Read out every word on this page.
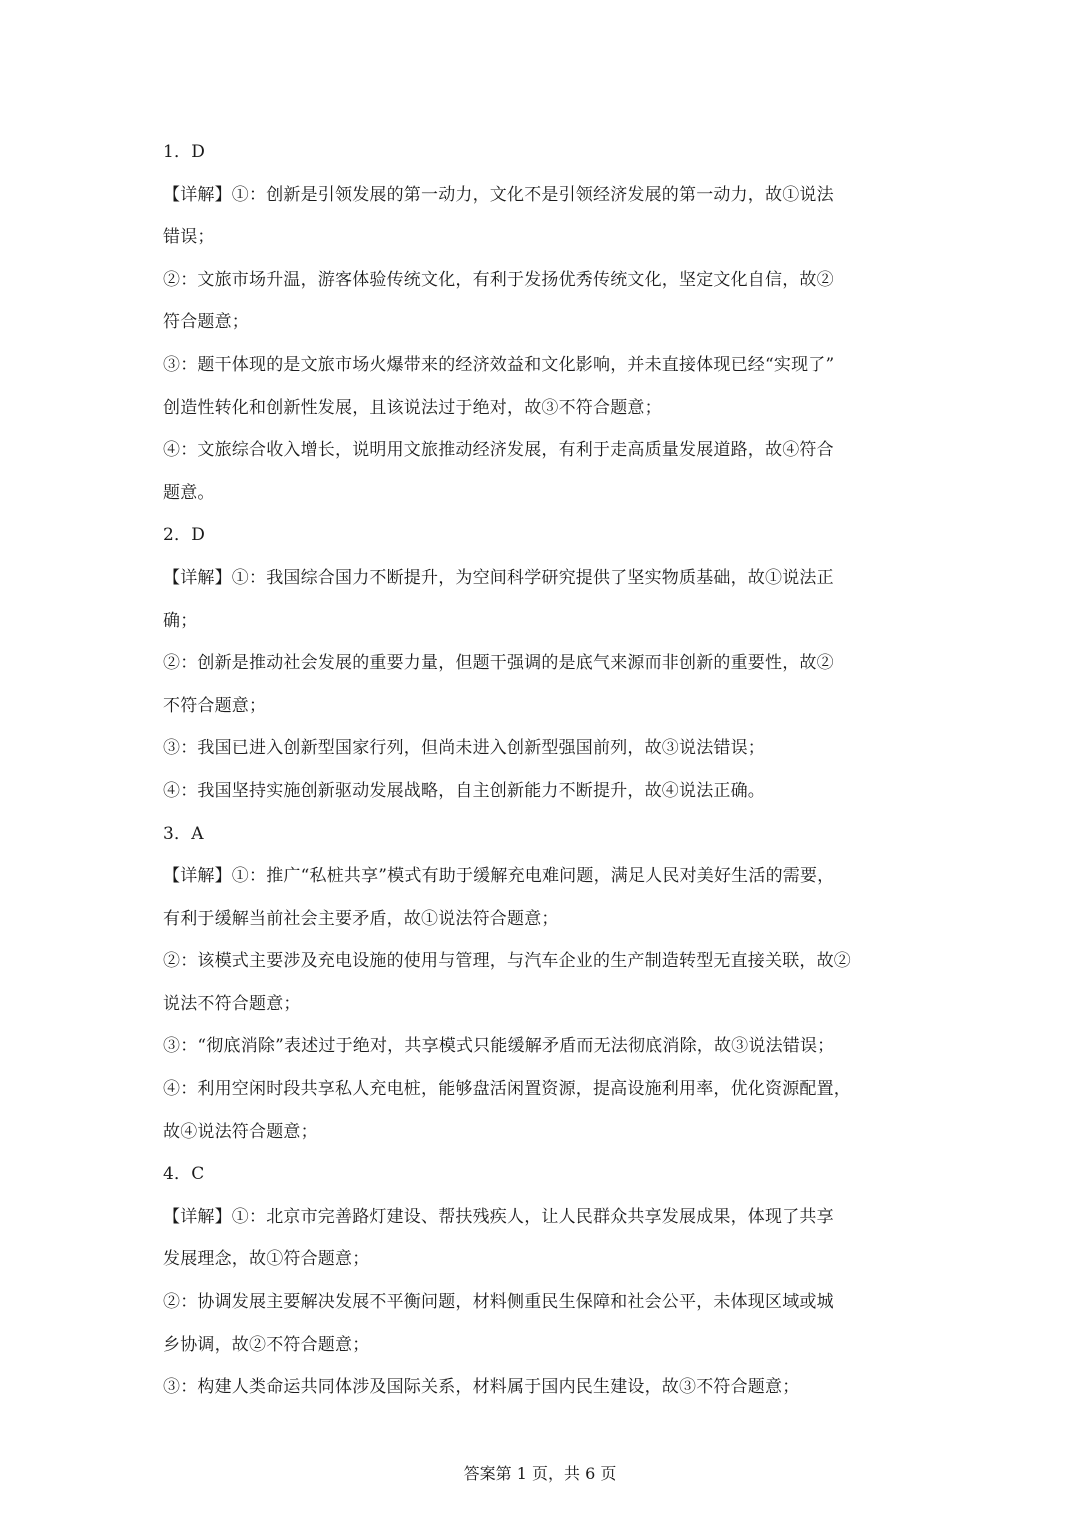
1．D
【详解】①：创新是引领发展的第一动力，文化不是引领经济发展的第一动力，故①说法
错误；
②：文旅市场升温，游客体验传统文化，有利于发扬优秀传统文化，坚定文化自信，故②
符合题意；
③：题干体现的是文旅市场火爆带来的经济效益和文化影响，并未直接体现已经“实现了”
创造性转化和创新性发展，且该说法过于绝对，故③不符合题意；
④：文旅综合收入增长，说明用文旅推动经济发展，有利于走高质量发展道路，故④符合
题意。
2．D
【详解】①：我国综合国力不断提升，为空间科学研究提供了坚实物质基础，故①说法正
确；
②：创新是推动社会发展的重要力量，但题干强调的是底气来源而非创新的重要性，故②
不符合题意；
③：我国已进入创新型国家行列，但尚未进入创新型强国前列，故③说法错误；
④：我国坚持实施创新驱动发展战略，自主创新能力不断提升，故④说法正确。
3．A
【详解】①：推广“私桩共享”模式有助于缓解充电难问题，满足人民对美好生活的需要，
有利于缓解当前社会主要矛盾，故①说法符合题意；
②：该模式主要涉及充电设施的使用与管理，与汽车企业的生产制造转型无直接关联，故②
说法不符合题意；
③：“彻底消除”表述过于绝对，共享模式只能缓解矛盾而无法彻底消除，故③说法错误；
④：利用空闲时段共享私人充电桩，能够盘活闲置资源，提高设施利用率，优化资源配置，
故④说法符合题意；
4．C
【详解】①：北京市完善路灯建设、帮扶残疾人，让人民群众共享发展成果，体现了共享
发展理念，故①符合题意；
②：协调发展主要解决发展不平衡问题，材料侧重民生保障和社会公平，未体现区域或城
乡协调，故②不符合题意；
③：构建人类命运共同体涉及国际关系，材料属于国内民生建设，故③不符合题意；
答案第 1 页，共 6 页
